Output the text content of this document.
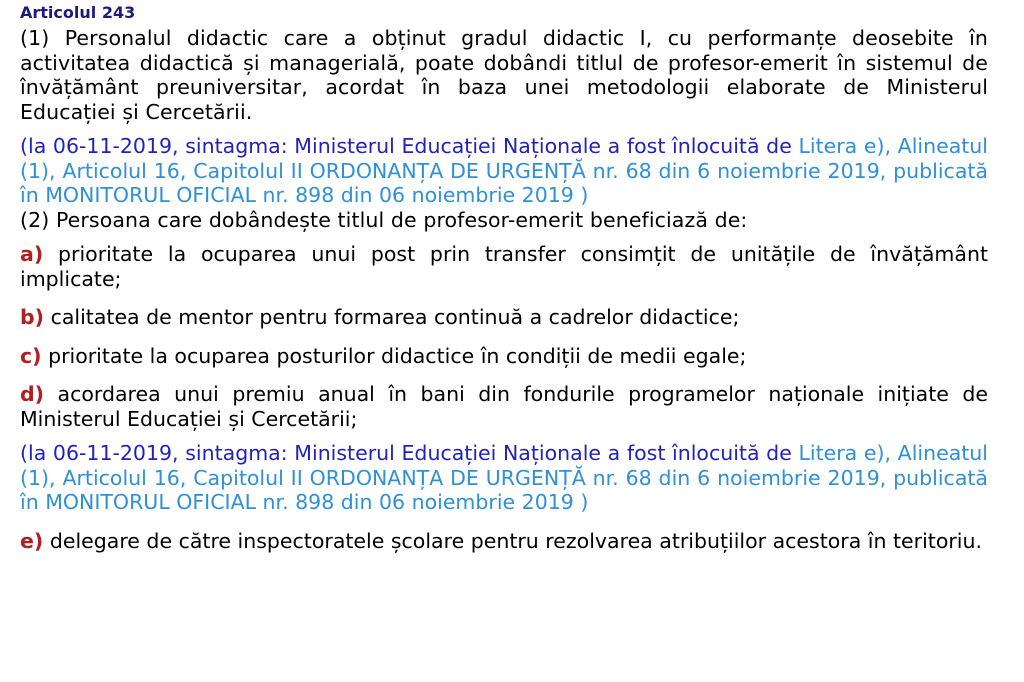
Articolul 243

(1) Personalul didactic care a obținut gradul didactic I, cu performanțe deosebite în activitatea didactică și managerială, poate dobândi titlul de profesor-emerit în sistemul de învățământ preuniversitar, acordat în baza unei metodologii elaborate de Ministerul Educației și Cercetării.

(la 06-11-2019, sintagma: Ministerul Educației Naționale a fost înlocuită de Litera e), Alineatul (1), Articolul 16, Capitolul II ORDONANȚA DE URGENȚĂ nr. 68 din 6 noiembrie 2019, publicată în MONITORUL OFICIAL nr. 898 din 06 noiembrie 2019 )

(2) Persoana care dobândește titlul de profesor-emerit beneficiază de:

a) prioritate la ocuparea unui post prin transfer consimțit de unitățile de învățământ implicate;

b) calitatea de mentor pentru formarea continuă a cadrelor didactice;

c) prioritate la ocuparea posturilor didactice în condiții de medii egale;

d) acordarea unui premiu anual în bani din fondurile programelor naționale inițiate de Ministerul Educației și Cercetării;

(la 06-11-2019, sintagma: Ministerul Educației Naționale a fost înlocuită de Litera e), Alineatul (1), Articolul 16, Capitolul II ORDONANȚA DE URGENȚĂ nr. 68 din 6 noiembrie 2019, publicată în MONITORUL OFICIAL nr. 898 din 06 noiembrie 2019 )

e) delegare de către inspectoratele școlare pentru rezolvarea atribuțiilor acestora în teritoriu.
